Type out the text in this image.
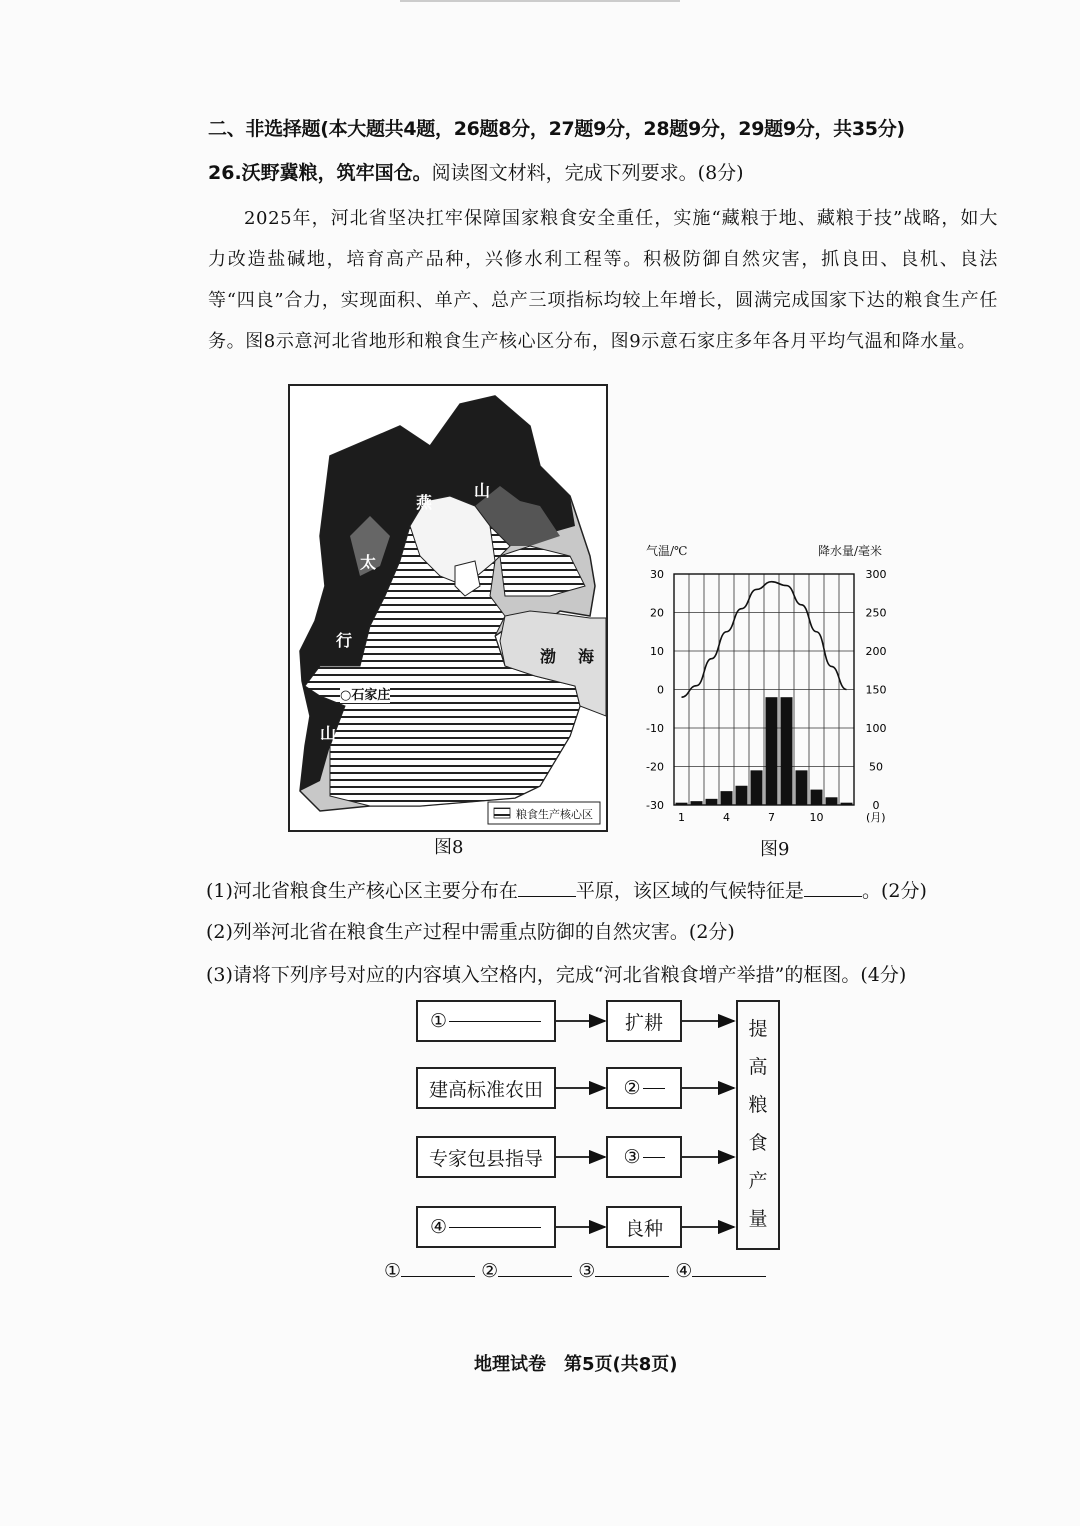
二、非选择题(本大题共4题，26题8分，27题9分，28题9分，29题9分，共35分)
26.沃野冀粮，筑牢国仓。阅读图文材料，完成下列要求。(8分)
2025年，河北省坚决扛牢保障国家粮食安全重任，实施“藏粮于地、藏粮于技”战略，如大力改造盐碱地，培育高产品种，兴修水利工程等。积极防御自然灾害，抓良田、良机、良法等“四良”合力，实现面积、单产、总产三项指标均较上年增长，圆满完成国家下达的粮食生产任务。图8示意河北省地形和粮食生产核心区分布，图9示意石家庄多年各月平均气温和降水量。
燕
山
太
行
山
○石家庄
渤 海
粮食生产核心区
图8
气温/℃	降水量/毫米
30
20
10
0
-10
-20
-30
300
250
200
150
100
50
0
1	4	7	10	(月)
图9
(1)河北省粮食生产核心区主要分布在	平原，该区域的气候特征是	。(2分)
(2)列举河北省在粮食生产过程中需重点防御的自然灾害。(2分)
(3)请将下列序号对应的内容填入空格内，完成“河北省粮食增产举措”的框图。(4分)
①
建高标准农田
专家包县指导
④
扩耕
②
③
良种
提
高
粮
食
产
量
①	②	③	④
地理试卷　第5页(共8页)
